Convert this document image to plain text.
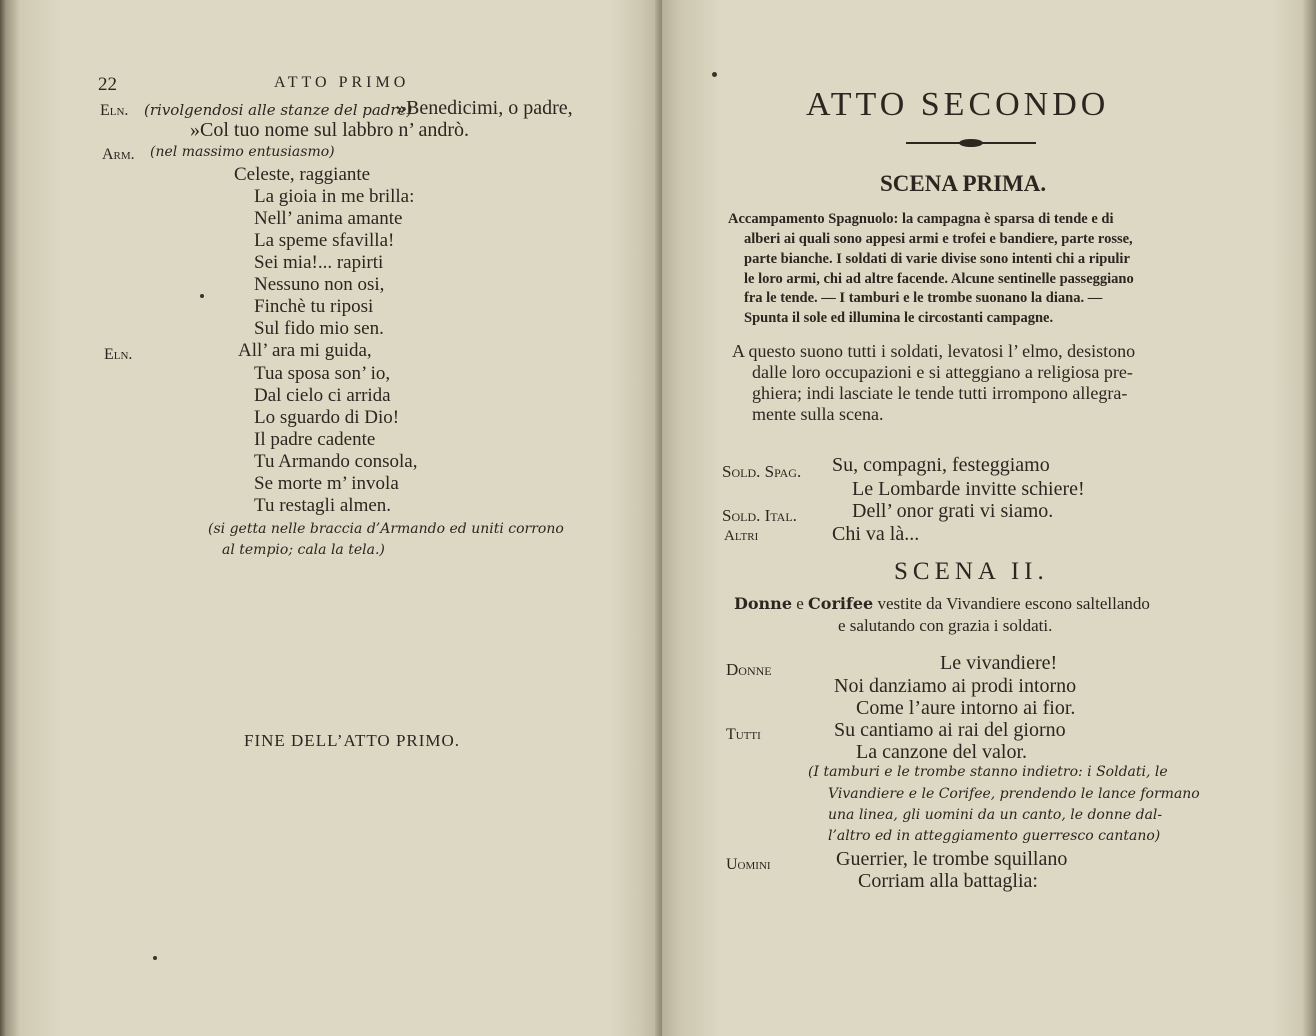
22	ATTO PRIMO
Eln. (rivolgendosi alle stanze del padre)
»Benedicimi, o padre,
»Col tuo nome sul labbro n’ andrò.
Arm. (nel massimo entusiasmo)
Celeste, raggiante
La gioia in me brilla:
Nell’ anima amante
La speme sfavilla!
Sei mia!... rapirti
Nessuno non osi,
Finchè tu riposi
Sul fido mio sen.
Eln.	All’ ara mi guida,
Tua sposa son’ io,
Dal cielo ci arrida
Lo sguardo di Dio!
Il padre cadente
Tu Armando consola,
Se morte m’ invola
Tu restagli almen.
(si getta nelle braccia d’Armando ed uniti corrono
al tempio; cala la tela.)
FINE DELL’ATTO PRIMO.
ATTO SECONDO
SCENA PRIMA.
Accampamento Spagnuolo: la campagna è sparsa di tende e di
alberi ai quali sono appesi armi e trofei e bandiere, parte rosse,
parte bianche. I soldati di varie divise sono intenti chi a ripulir
le loro armi, chi ad altre facende. Alcune sentinelle passeggiano
fra le tende. — I tamburi e le trombe suonano la diana. —
Spunta il sole ed illumina le circostanti campagne.
A questo suono tutti i soldati, levatosi l’ elmo, desistono
dalle loro occupazioni e si atteggiano a religiosa pre-
ghiera; indi lasciate le tende tutti irrompono allegra-
mente sulla scena.
Sold. Spag. Su, compagni, festeggiamo
Le Lombarde invitte schiere!
Sold. Ital.	Dell’ onor grati vi siamo.
Altri	Chi va là...
SCENA II.
Donne e Corifee vestite da Vivandiere escono saltellando
e salutando con grazia i soldati.
Donne	Le vivandiere!
Noi danziamo ai prodi intorno
Come l’aure intorno ai fior.
Tutti	Su cantiamo ai rai del giorno
La canzone del valor.
(I tamburi e le trombe stanno indietro: i Soldati, le
Vivandiere e le Corifee, prendendo le lance formano
una linea, gli uomini da un canto, le donne dal-
l’altro ed in atteggiamento guerresco cantano)
Uomini	Guerrier, le trombe squillano
Corriam alla battaglia:
